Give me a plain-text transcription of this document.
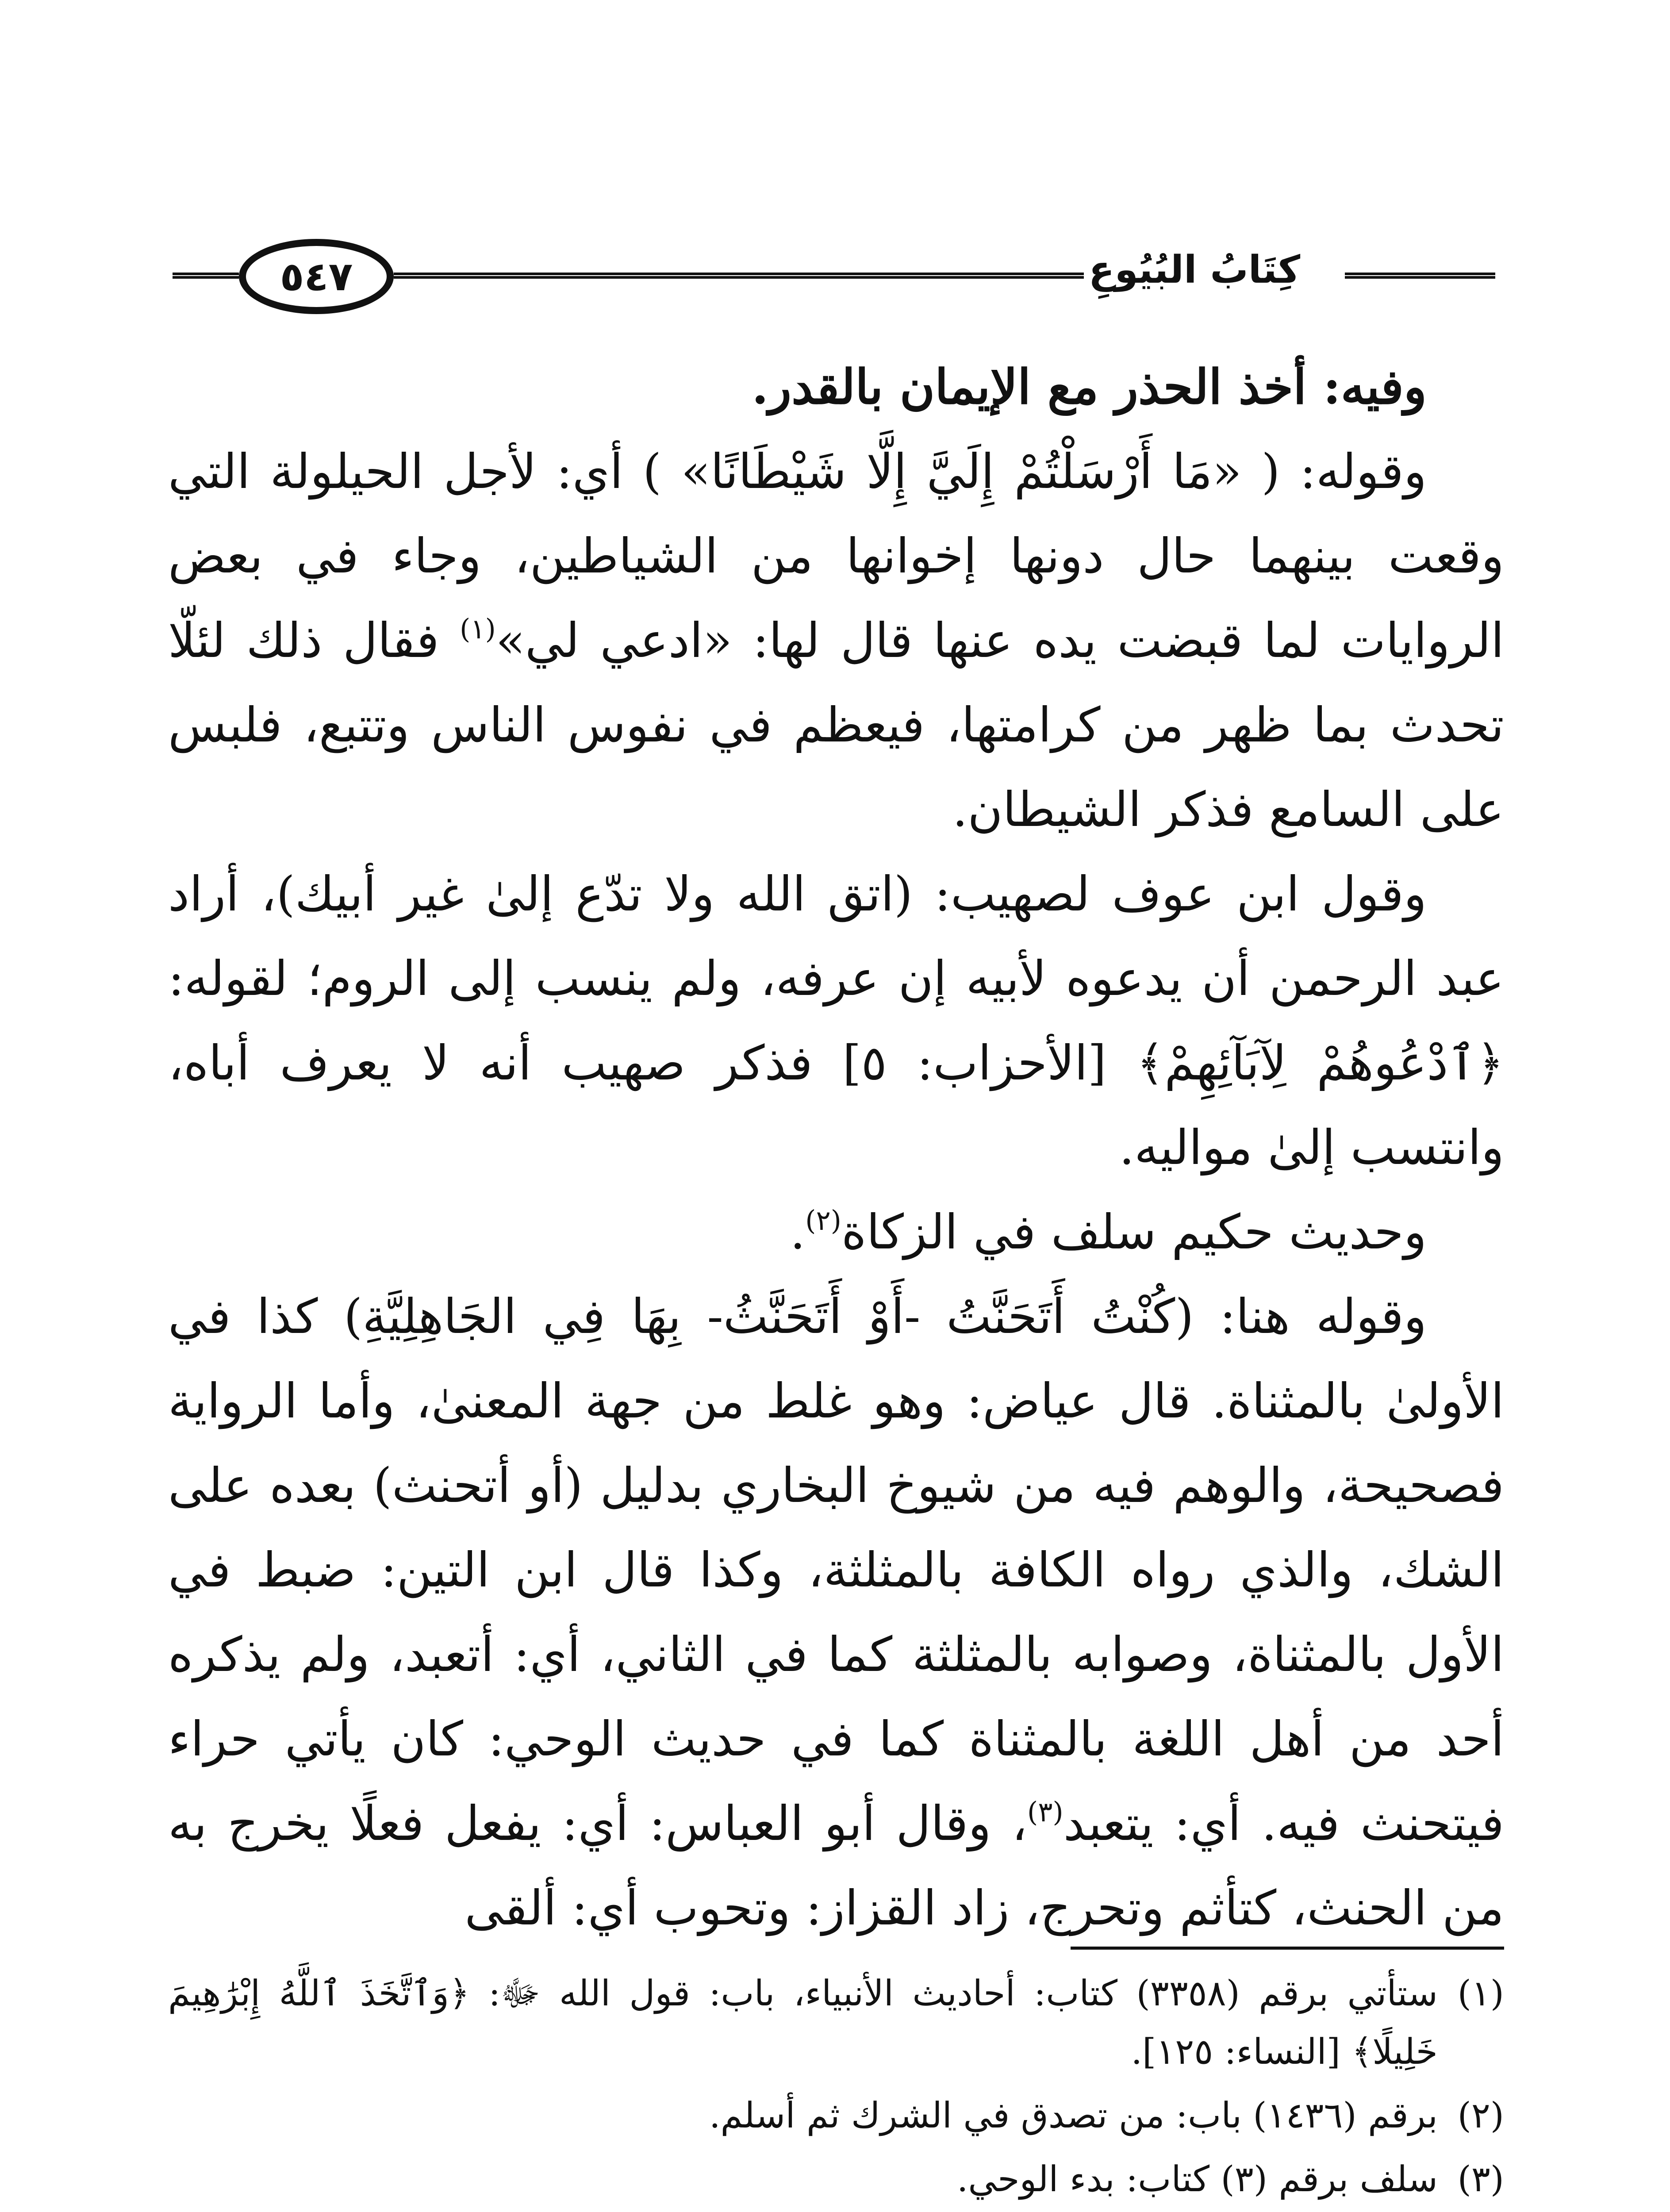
٥٤٧	كِتَابُ البُيُوعِ

وفيه: أخذ الحذر مع الإيمان بالقدر.

وقوله: ( «مَا أَرْسَلْتُمْ إِلَيَّ إِلَّا شَيْطَانًا» ) أي: لأجل الحيلولة التي وقعت بينهما حال دونها إخوانها من الشياطين، وجاء في بعض الروايات لما قبضت يده عنها قال لها: «ادعي لي»$^{(١)}$ فقال ذلك لئلّا تحدث بما ظهر من كرامتها، فيعظم في نفوس الناس وتتبع، فلبس على السامع فذكر الشيطان.

وقول ابن عوف لصهيب: (اتق الله ولا تدّع إلىٰ غير أبيك)، أراد عبد الرحمن أن يدعوه لأبيه إن عرفه، ولم ينسب إلى الروم؛ لقوله: ﴿ٱدْعُوهُمْ لِآبَآئِهِمْ﴾ [الأحزاب: ٥] فذكر صهيب أنه لا يعرف أباه، وانتسب إلىٰ مواليه.

وحديث حكيم سلف في الزكاة$^{(٢)}$.

وقوله هنا: (كُنْتُ أَتَحَنَّتُ -أَوْ أَتَحَنَّثُ- بِهَا فِي الجَاهِلِيَّةِ) كذا في الأولىٰ بالمثناة. قال عياض: وهو غلط من جهة المعنىٰ، وأما الرواية فصحيحة، والوهم فيه من شيوخ البخاري بدليل (أو أتحنث) بعده على الشك، والذي رواه الكافة بالمثلثة، وكذا قال ابن التين: ضبط في الأول بالمثناة، وصوابه بالمثلثة كما في الثاني، أي: أتعبد، ولم يذكره أحد من أهل اللغة بالمثناة كما في حديث الوحي: كان يأتي حراء فيتحنث فيه. أي: يتعبد$^{(٣)}$، وقال أبو العباس: أي: يفعل فعلًا يخرج به من الحنث، كتأثم وتحرج، زاد القزاز: وتحوب أي: ألقى

(١)
ستأتي برقم (٣٣٥٨) كتاب: أحاديث الأنبياء، باب: قول الله ﷻ: ﴿وَٱتَّخَذَ ٱللَّهُ إِبْرَٰهِيمَ خَلِيلًا﴾ [النساء: ١٢٥].
(٢)
برقم (١٤٣٦) باب: من تصدق في الشرك ثم أسلم.
(٣)
سلف برقم (٣) كتاب: بدء الوحي.
